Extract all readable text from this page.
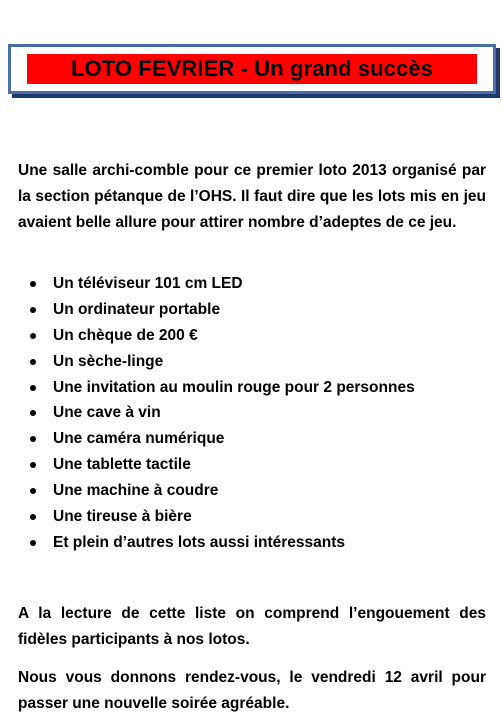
LOTO FEVRIER - Un grand succès

Une salle archi-comble pour ce premier loto 2013 organisé par la section pétanque de l’OHS. Il faut dire que les lots mis en jeu avaient belle allure pour attirer nombre d’adeptes de ce jeu.

Un téléviseur 101 cm LED
Un ordinateur portable
Un chèque de 200 €
Un sèche-linge
Une invitation au moulin rouge pour 2 personnes
Une cave à vin
Une caméra numérique
Une tablette tactile
Une machine à coudre
Une tireuse à bière
Et plein d’autres lots aussi intéressants

A la lecture de cette liste on comprend l’engouement des fidèles participants à nos lotos.

Nous vous donnons rendez-vous, le vendredi 12 avril pour passer une nouvelle soirée agréable.
